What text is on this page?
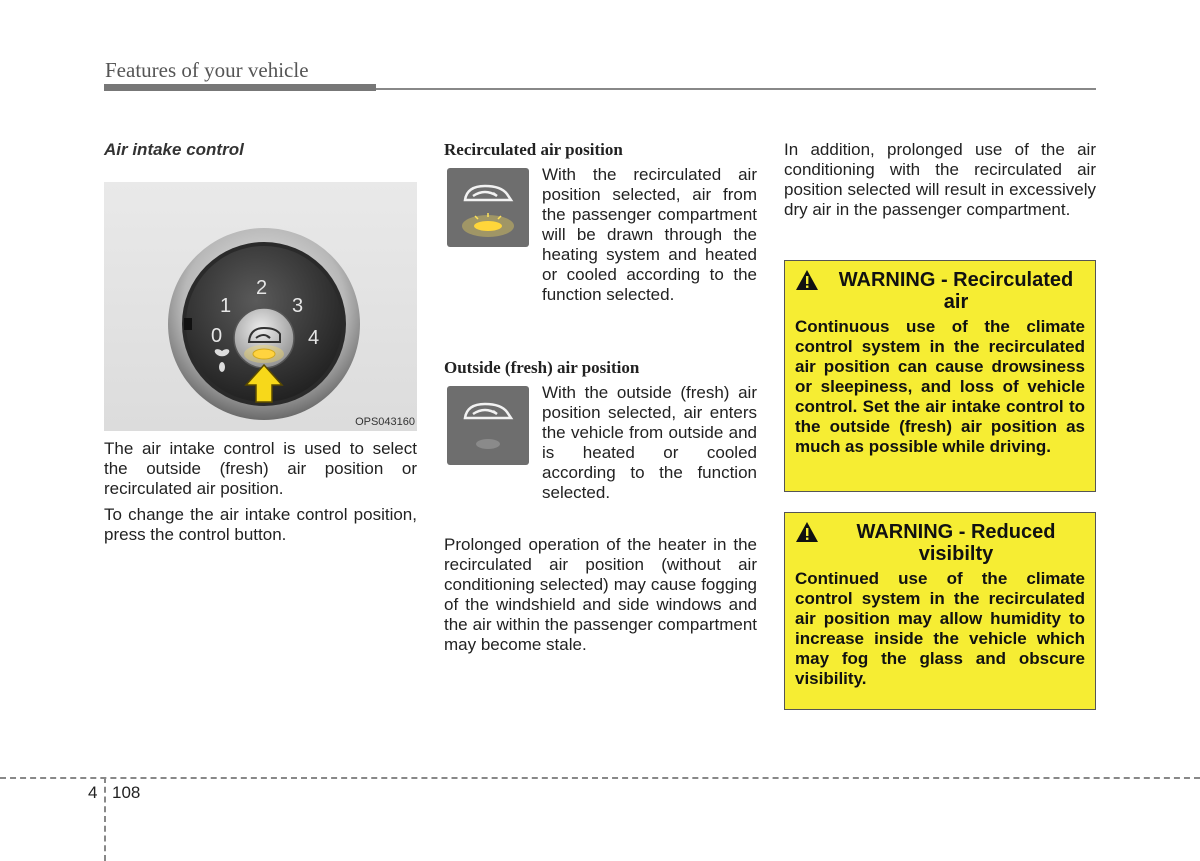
Features of your vehicle
Air intake control
0
1
2
3
4
OPS043160

The air intake control is used to select the outside (fresh) air position or recirculated air position.

To change the air intake control position, press the control button.

Recirculated air position
With the recirculated air position selected, air from the passenger compartment will be drawn through the heating system and heated or cooled according to the function selected.
Outside (fresh) air position
With the outside (fresh) air position selected, air enters the vehicle from outside and is heated or cooled according to the function selected.

Prolonged operation of the heater in the recirculated air position (without air conditioning selected) may cause fogging of the windshield and side windows and the air within the passenger compartment may become stale.

In addition, prolonged use of the air conditioning with the recirculated air position selected will result in excessively dry air in the passenger compartment.

WARNING - Recirculated air
Continuous use of the climate control system in the recirculated air position can cause drowsiness or sleepiness, and loss of vehicle control. Set the air intake control to the outside (fresh) air position as much as possible while driving.
WARNING - Reduced visibilty
Continued use of the climate control system in the recirculated air position may allow humidity to increase inside the vehicle which may fog the glass and obscure visibility.
4 108
